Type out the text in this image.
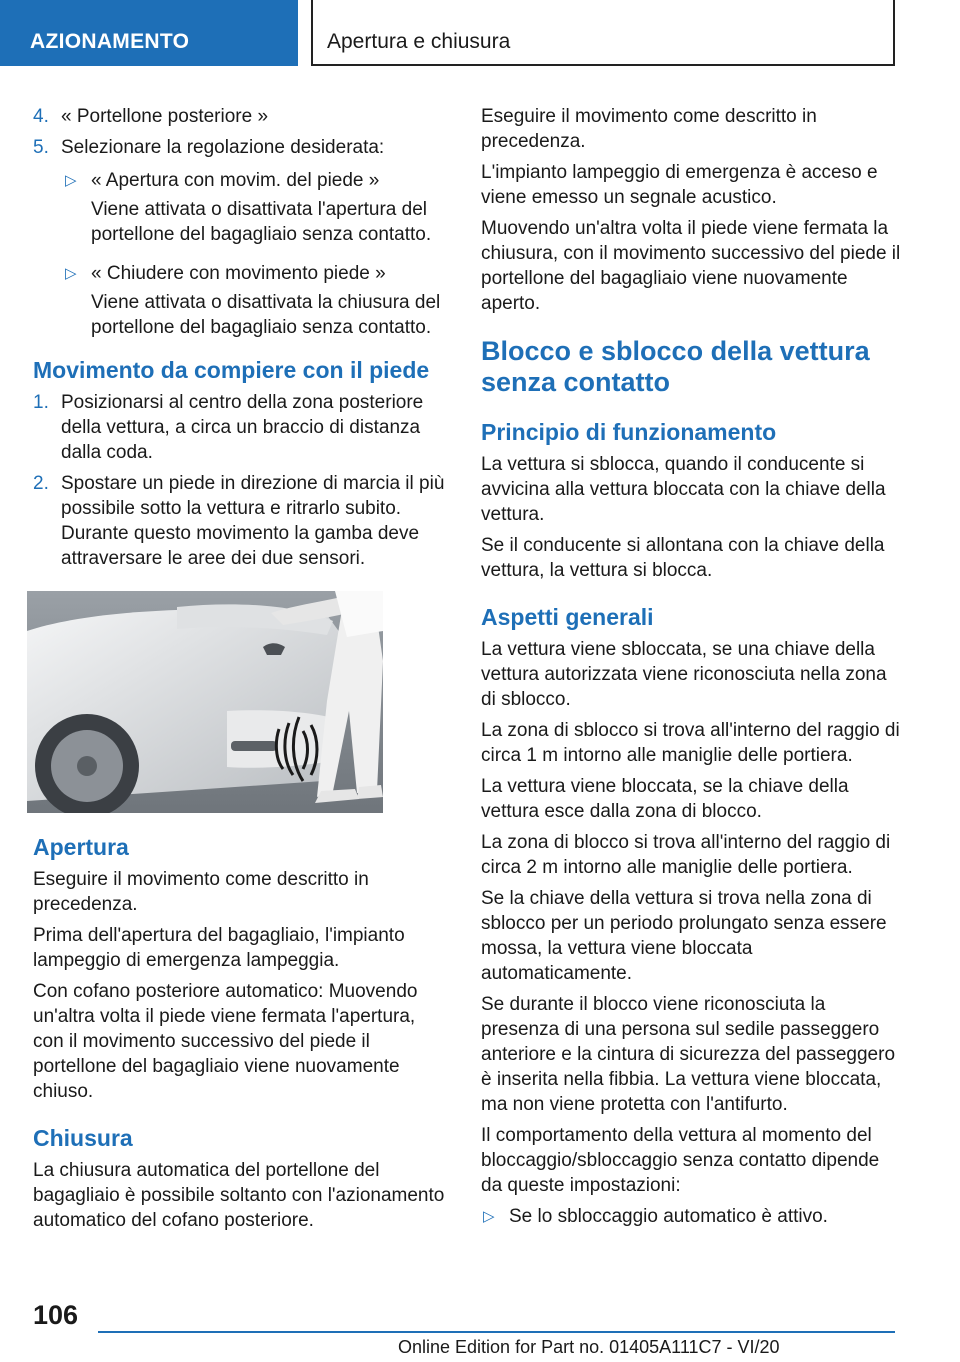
AZIONAMENTO	Apertura e chiusura
4. « Portellone posteriore »
5. Selezionare la regolazione desiderata:
▷ « Apertura con movim. del piede »
Viene attivata o disattivata l'apertura del portellone del bagagliaio senza contatto.
▷ « Chiudere con movimento piede »
Viene attivata o disattivata la chiusura del portellone del bagagliaio senza contatto.
Movimento da compiere con il piede
1. Posizionarsi al centro della zona posteriore della vettura, a circa un braccio di distanza dalla coda.
2. Spostare un piede in direzione di marcia il più possibile sotto la vettura e ritrarlo subito. Durante questo movimento la gamba deve attraversare le aree dei due sensori.
Apertura

Eseguire il movimento come descritto in precedenza.

Prima dell'apertura del bagagliaio, l'impianto lampeggio di emergenza lampeggia.

Con cofano posteriore automatico: Muovendo un'altra volta il piede viene fermata l'apertura, con il movimento successivo del piede il portellone del bagagliaio viene nuovamente chiuso.

Chiusura

La chiusura automatica del portellone del bagagliaio è possibile soltanto con l'azionamento automatico del cofano posteriore.

Eseguire il movimento come descritto in precedenza.

L'impianto lampeggio di emergenza è acceso e viene emesso un segnale acustico.

Muovendo un'altra volta il piede viene fermata la chiusura, con il movimento successivo del piede il portellone del bagagliaio viene nuovamente aperto.

Blocco e sblocco della vettura senza contatto
Principio di funzionamento

La vettura si sblocca, quando il conducente si avvicina alla vettura bloccata con la chiave della vettura.

Se il conducente si allontana con la chiave della vettura, la vettura si blocca.

Aspetti generali

La vettura viene sbloccata, se una chiave della vettura autorizzata viene riconosciuta nella zona di sblocco.

La zona di sblocco si trova all'interno del raggio di circa 1 m intorno alle maniglie delle portiera.

La vettura viene bloccata, se la chiave della vettura esce dalla zona di blocco.

La zona di blocco si trova all'interno del raggio di circa 2 m intorno alle maniglie delle portiera.

Se la chiave della vettura si trova nella zona di sblocco per un periodo prolungato senza essere mossa, la vettura viene bloccata automaticamente.

Se durante il blocco viene riconosciuta la presenza di una persona sul sedile passeggero anteriore e la cintura di sicurezza del passeggero è inserita nella fibbia. La vettura viene bloccata, ma non viene protetta con l'antifurto.

Il comportamento della vettura al momento del bloccaggio/sbloccaggio senza contatto dipende da queste impostazioni:

▷ Se lo sbloccaggio automatico è attivo.
106
Online Edition for Part no. 01405A111C7 - VI/20
